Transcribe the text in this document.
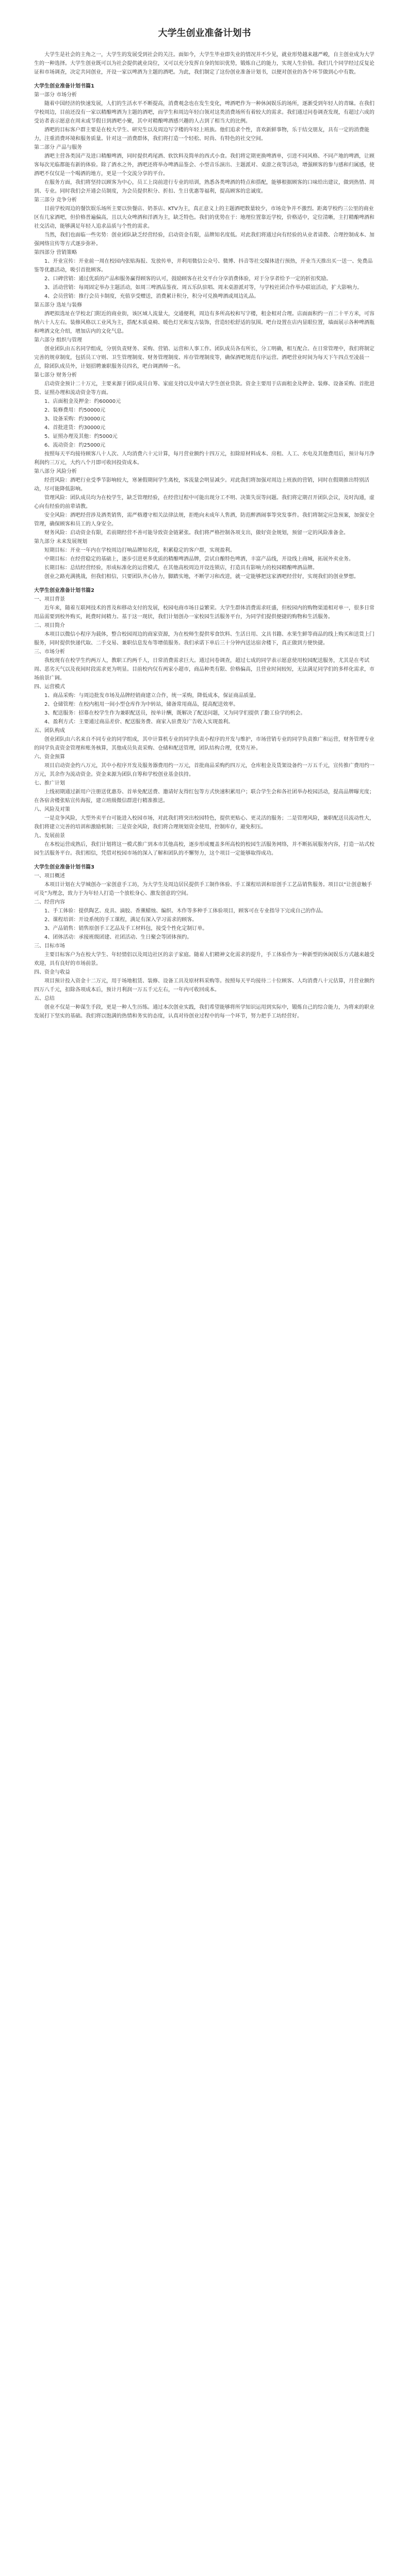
大学生创业准备计划书

大学生是社会的主角之一，大学生的发展受到社会的关注。面如今，大学生毕业即失业的情况并不少见，就业形势越来越严峻，自主创业成为大学生的一种选择。大学生创业既可以为社会提供就业岗位，又可以充分发挥自身的知识优势，锻炼自己的能力，实现人生价值。我们几个同学经过反复论证和市场调查，决定共同创业，开设一家以啤酒为主题的酒吧。为此，我们制定了这份创业准备计划书，以便对创业的各个环节做到心中有数。

大学生创业准备计划书篇1

第一部分 市场分析

随着中国经济的快速发展，人们的生活水平不断提高，消费观念也在发生变化，啤酒吧作为一种休闲娱乐的场所，逐渐受到年轻人的青睐。在我们学校周边，目前还没有一家以精酿啤酒为主题的酒吧，而学生和周边年轻白领对这类消费场所有着较大的需求。我们通过问卷调查发现，有超过六成的受访者表示愿意在周末或节假日到酒吧小聚，其中对精酿啤酒感兴趣的人占到了相当大的比例。

酒吧的目标客户群主要是在校大学生、研究生以及周边写字楼的年轻上班族。他们追求个性，喜欢新鲜事物，乐于结交朋友，具有一定的消费能力，注重消费环境和服务质量。针对这一消费群体，我们将打造一个轻松、时尚、有特色的社交空间。

第二部分 产品与服务

酒吧主营各类国产及进口精酿啤酒，同时提供鸡尾酒、软饮料及简单的西式小食。我们将定期更换啤酒单，引进不同风格、不同产地的啤酒，让顾客每次光临都能有新的体验。除了酒水之外，酒吧还将举办啤酒品鉴会、小型音乐演出、主题派对、桌游之夜等活动，增强顾客的参与感和归属感，使酒吧不仅仅是一个喝酒的地方，更是一个交流分享的平台。

在服务方面，我们将坚持以顾客为中心，员工上岗前进行专业的培训，熟悉各类啤酒的特点和搭配，能够根据顾客的口味给出建议，做到热情、周到、专业。同时我们会开通会员制度，为会员提供积分、折扣、生日优惠等福利，提高顾客的忠诚度。

第三部分 竞争分析

目前学校周边的餐饮娱乐场所主要以快餐店、奶茶店、KTV为主，真正意义上的主题酒吧数量较少，市场竞争并不激烈。距离学校约三公里的商业区有几家酒吧，但价格普遍偏高，且以大众啤酒和洋酒为主，缺乏特色。我们的优势在于：地理位置靠近学校，价格适中，定位清晰，主打精酿啤酒和社交活动，能够满足年轻人追求品质与个性的需求。

当然，我们也面临一些劣势：创业团队缺乏经营经验，启动资金有限，品牌知名度低。对此我们将通过向有经验的从业者请教、合理控制成本、加强网络宣传等方式逐步弥补。

第四部分 营销策略

1、开业宣传：开业前一周在校园内张贴海报、发放传单，并利用微信公众号、微博、抖音等社交媒体进行预热，开业当天推出买一送一、免费品鉴等优惠活动，吸引首批顾客。

2、口碑营销：通过优质的产品和服务赢得顾客的认可，鼓励顾客在社交平台分享消费体验，对于分享者给予一定的折扣奖励。

3、活动营销：每周固定举办主题活动，如周三啤酒品鉴夜、周五乐队驻唱、周末桌游派对等，与学校社团合作举办联谊活动，扩大影响力。

4、会员营销：推行会员卡制度，充值享受赠送，消费累计积分，积分可兑换啤酒或周边礼品。

第五部分 选址与装修

酒吧拟选址在学校北门附近的商业街，该区域人流量大，交通便利，周边有多所高校和写字楼，租金相对合理。店面面积约一百二十平方米，可容纳六十人左右。装修风格以工业风为主，搭配木质桌椅、暖色灯光和复古装饰，营造轻松舒适的氛围。吧台设置在店内显眼位置，墙面展示各种啤酒瓶和啤酒文化介绍，增加店内的文化气息。

第六部分 组织与管理

创业团队由五名同学组成，分别负责财务、采购、营销、运营和人事工作。团队成员各有所长，分工明确，相互配合。在日常管理中，我们将制定完善的规章制度，包括员工守则、卫生管理制度、财务管理制度、库存管理制度等，确保酒吧规范有序运营。酒吧营业时间为每天下午四点至凌晨一点，除团队成员外，计划招聘兼职服务员四名，吧台调酒师一名。

第七部分 财务分析

启动资金预计二十万元，主要来源于团队成员自筹、家庭支持以及申请大学生创业贷款。资金主要用于店面租金及押金、装修、设备采购、首批进货、证照办理和流动资金等方面。

1、店面租金及押金：约60000元

2、装修费用：约50000元

3、设备采购：约30000元

4、首批进货：约30000元

5、证照办理及其他：约5000元

6、流动资金：约25000元

按照每天平均接待顾客八十人次、人均消费六十元计算，每月营业额约十四万元，扣除原材料成本、房租、人工、水电及其他费用后，预计每月净利润约三万元，大约八个月即可收回投资成本。

第八部分 风险分析

经营风险：酒吧行业受季节影响较大，寒暑假期间学生离校，客流量会明显减少。对此我们将加强对周边上班族的营销，同时在假期推出特别活动，尽可能降低影响。

管理风险：团队成员均为在校学生，缺乏管理经验，在经营过程中可能出现分工不明、决策失误等问题。我们将定期召开团队会议，及时沟通，虚心向有经验的前辈请教。

安全风险：酒吧经营涉及酒类销售，需严格遵守相关法律法规，拒绝向未成年人售酒，防范醉酒闹事等突发事件。我们将制定应急预案，加强安全管理，确保顾客和员工的人身安全。

财务风险：启动资金有限，若前期经营不善可能导致资金链紧张。我们将严格控制各项支出，做好资金规划，预留一定的风险准备金。

第九部分 未来发展规划

短期目标：开业一年内在学校周边打响品牌知名度，积累稳定的客户群，实现盈利。

中期目标：在经营稳定的基础上，逐步引进更多优质的精酿啤酒品牌，尝试自酿特色啤酒，丰富产品线，开设线上商城，拓展外卖业务。

长期目标：总结经营经验，形成标准化的运营模式，在其他高校周边开设连锁店，打造具有影响力的校园精酿啤酒品牌。

创业之路充满挑战，但我们相信，只要团队齐心协力，脚踏实地，不断学习和改进，就一定能够把这家酒吧经营好，实现我们的创业梦想。

大学生创业准备计划书篇2

一、项目背景

近年来，随着互联网技术的普及和移动支付的发展，校园电商市场日益繁荣。大学生群体消费需求旺盛，但校园内的购物渠道相对单一，很多日常用品需要到校外购买，耗费时间精力。基于这一现状，我们计划创办一家校园生活服务平台，为同学们提供便捷的购物和生活服务。

二、项目简介

本项目以微信小程序为载体，整合校园周边的商家资源，为在校师生提供零食饮料、生活日用、文具书籍、水果生鲜等商品的线上购买和送货上门服务，同时提供快递代取、二手交易、兼职信息发布等增值服务。我们承诺下单后三十分钟内送达宿舍楼下，真正做到方便快捷。

三、市场分析

我校现有在校学生约两万人，教职工约两千人，日常消费需求巨大。通过问卷调查，超过七成的同学表示愿意使用校园配送服务，尤其是在考试周、恶劣天气以及夜间时段需求更为明显。目前校内仅有两家小超市，商品种类有限、价格偏高，且营业时间较短，无法满足同学们的多样化需求，市场前景广阔。

四、运营模式

1、商品采购：与周边批发市场及品牌经销商建立合作，统一采购，降低成本，保证商品质量。

2、仓储管理：在校内租用一间小型仓库作为中转站，储备常用商品，提高配送效率。

3、配送服务：招募在校学生作为兼职配送员，按单计酬，既解决了配送问题，又为同学们提供了勤工俭学的机会。

4、盈利方式：主要通过商品差价、配送服务费、商家入驻费及广告收入实现盈利。

五、团队构成

创业团队由六名来自不同专业的同学组成，其中计算机专业的同学负责小程序的开发与维护，市场营销专业的同学负责推广和运营，财务管理专业的同学负责资金管理和账务核算，其他成员负责采购、仓储和配送管理，团队结构合理，优势互补。

六、资金预算

项目启动资金约八万元，其中小程序开发及服务器费用约一万元，首批商品采购约四万元，仓库租金及货架设备约一万五千元，宣传推广费用约一万元，其余作为流动资金。资金来源为团队自筹和学校创业基金扶持。

七、推广计划

上线初期通过新用户注册送优惠券、首单免配送费、邀请好友得红包等方式快速积累用户；联合学生会和各社团举办校园活动，提高品牌曝光度；在各宿舍楼张贴宣传海报，建立班级微信群进行精准推送。

八、风险及对策

一是竞争风险，大型外卖平台可能进入校园市场，对此我们将突出校园特色，提供更贴心、更灵活的服务；二是管理风险，兼职配送员流动性大，我们将建立完善的培训和激励机制；三是资金风险，我们将合理规划资金使用，控制库存，避免积压。

九、发展前景

在本校运营成熟后，我们计划将这一模式推广到本市其他高校，逐步形成覆盖多所高校的校园生活服务网络，并不断拓展服务内容，打造一站式校园生活服务平台。我们相信，凭借对校园市场的深入了解和团队的不懈努力，这个项目一定能够取得成功。

大学生创业准备计划书篇3

一、项目概述

本项目计划在大学城创办一家创意手工坊，为大学生及周边居民提供手工制作体验、手工课程培训和原创手工艺品销售服务。项目以“让创意触手可及”为理念，致力于为年轻人打造一个放松身心、激发创意的空间。

二、经营内容

1、手工体验：提供陶艺、皮具、滴胶、香薰蜡烛、编织、木作等多种手工体验项目，顾客可在专业指导下完成自己的作品。

2、课程培训：开设系统的手工课程，满足有深入学习需求的顾客。

3、产品销售：销售原创手工艺品及手工材料包，接受个性化定制订单。

4、团体活动：承接班级团建、社团活动、生日聚会等团体预约。

三、目标市场

主要目标客户为在校大学生、年轻情侣以及周边社区的亲子家庭。随着人们精神文化需求的提升，手工体验作为一种新型的休闲娱乐方式越来越受欢迎，具有良好的市场前景。

四、资金与收益

项目预计投入资金十二万元，用于场地租赁、装修、设备工具及原材料采购等。按照每天平均接待二十位顾客、人均消费八十元估算，月营业额约四万八千元，扣除各项成本后，预计月利润一万五千元左右，一年内可收回成本。

五、总结

创业不仅是一种谋生手段，更是一种人生历练。通过本次创业实践，我们希望能够将所学知识运用到实际中，锻炼自己的综合能力，为将来的职业发展打下坚实的基础。我们将以饱满的热情和务实的态度，认真对待创业过程中的每一个环节，努力把手工坊经营好。
